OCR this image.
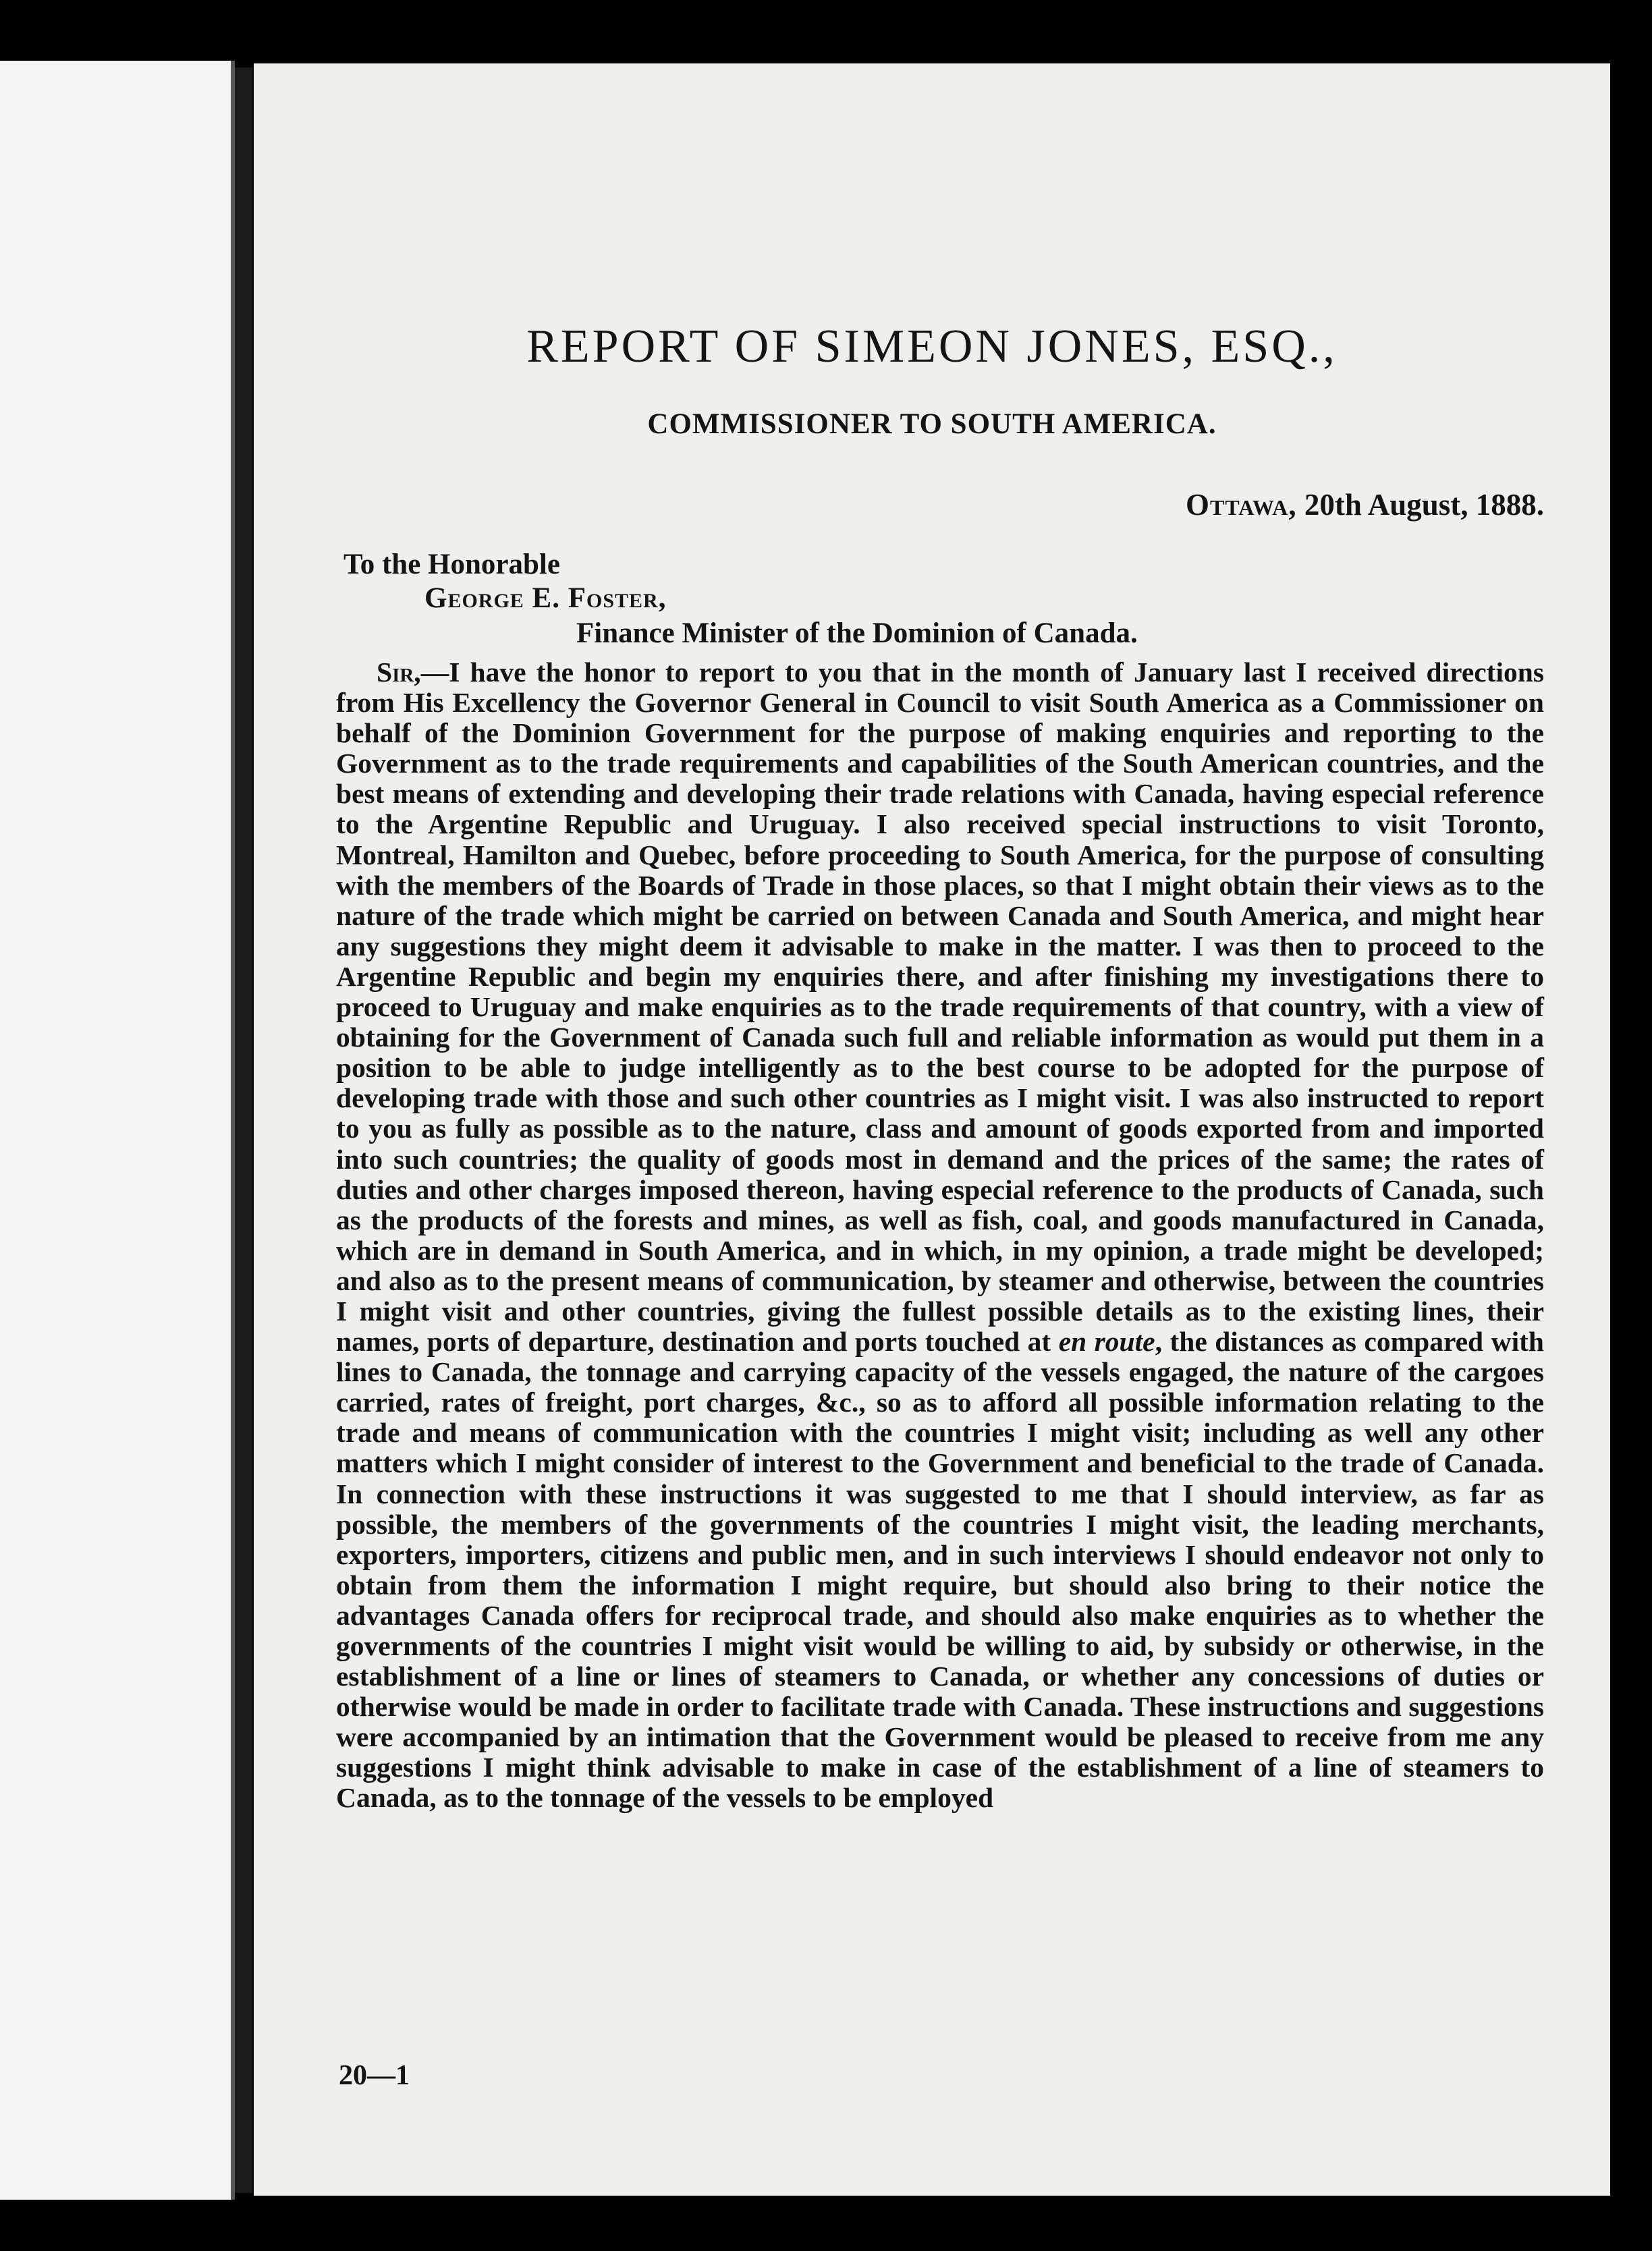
REPORT OF SIMEON JONES, ESQ.,
COMMISSIONER TO SOUTH AMERICA.
Ottawa, 20th August, 1888.
To the Honorable
George E. Foster,
Finance Minister of the Dominion of Canada.
Sir,—I have the honor to report to you that in the month of January last I received directions from His Excellency the Governor General in Council to visit South America as a Commissioner on behalf of the Dominion Government for the purpose of making enquiries and reporting to the Government as to the trade requirements and capabilities of the South American countries, and the best means of extending and developing their trade relations with Canada, having especial reference to the Argentine Republic and Uruguay. I also received special instructions to visit Toronto, Montreal, Hamilton and Quebec, before proceeding to South America, for the purpose of consulting with the members of the Boards of Trade in those places, so that I might obtain their views as to the nature of the trade which might be carried on between Canada and South America, and might hear any suggestions they might deem it advisable to make in the matter. I was then to proceed to the Argentine Republic and begin my enquiries there, and after finishing my investigations there to proceed to Uruguay and make enquiries as to the trade requirements of that country, with a view of obtaining for the Government of Canada such full and reliable information as would put them in a position to be able to judge intelligently as to the best course to be adopted for the purpose of developing trade with those and such other countries as I might visit. I was also instructed to report to you as fully as possible as to the nature, class and amount of goods exported from and imported into such countries; the quality of goods most in demand and the prices of the same; the rates of duties and other charges imposed thereon, having especial reference to the products of Canada, such as the products of the forests and mines, as well as fish, coal, and goods manufactured in Canada, which are in demand in South America, and in which, in my opinion, a trade might be developed; and also as to the present means of communication, by steamer and otherwise, between the countries I might visit and other countries, giving the fullest possible details as to the existing lines, their names, ports of departure, destination and ports touched at en route, the distances as compared with lines to Canada, the tonnage and carrying capacity of the vessels engaged, the nature of the cargoes carried, rates of freight, port charges, &c., so as to afford all possible information relating to the trade and means of communication with the countries I might visit; including as well any other matters which I might consider of interest to the Government and beneficial to the trade of Canada. In connection with these instructions it was suggested to me that I should interview, as far as possible, the members of the governments of the countries I might visit, the leading merchants, exporters, importers, citizens and public men, and in such interviews I should endeavor not only to obtain from them the information I might require, but should also bring to their notice the advantages Canada offers for reciprocal trade, and should also make enquiries as to whether the governments of the countries I might visit would be willing to aid, by subsidy or otherwise, in the establishment of a line or lines of steamers to Canada, or whether any concessions of duties or otherwise would be made in order to facilitate trade with Canada. These instructions and suggestions were accompanied by an intimation that the Government would be pleased to receive from me any suggestions I might think advisable to make in case of the establishment of a line of steamers to Canada, as to the tonnage of the vessels to be employed
20—1
